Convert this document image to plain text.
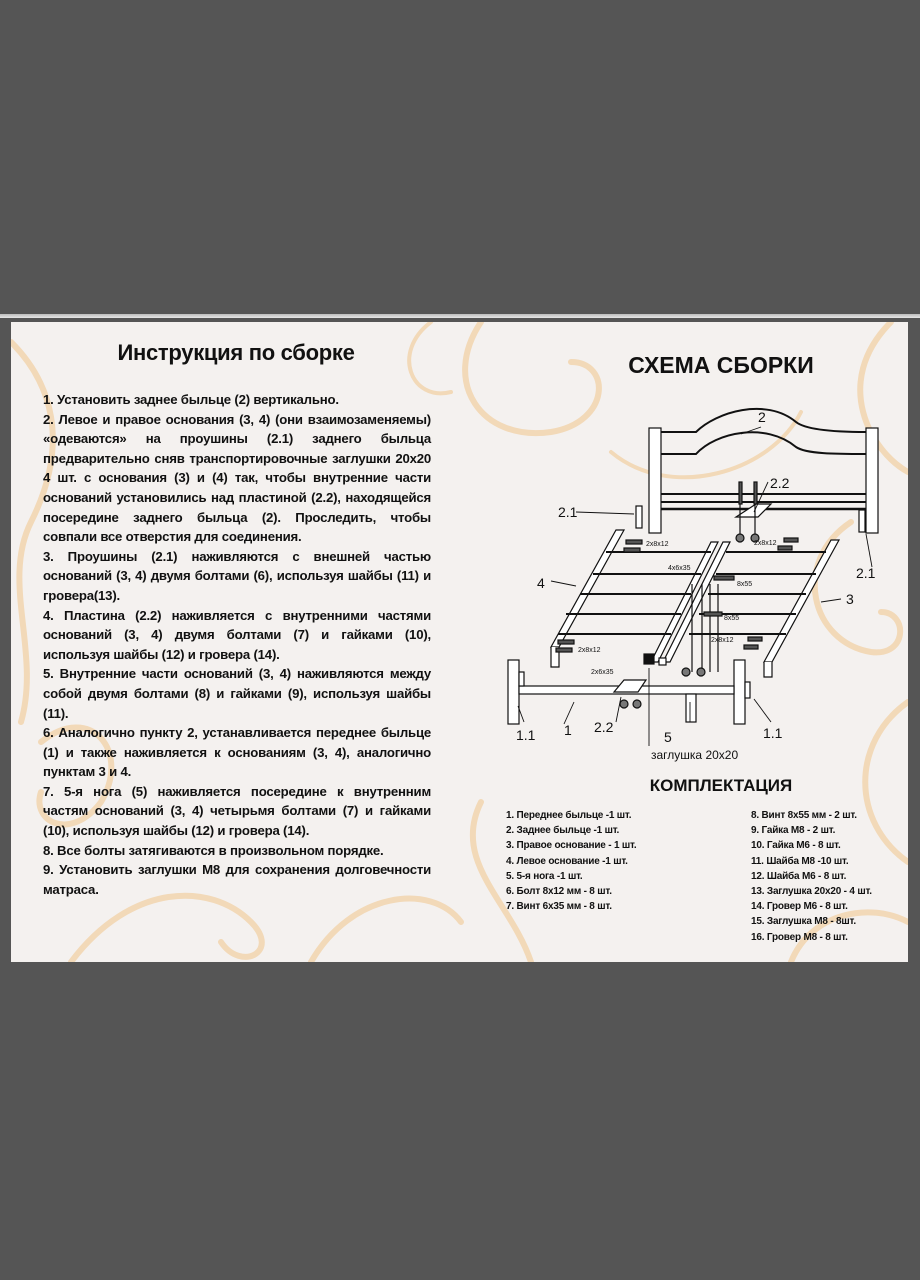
Инструкция по сборке

1. Установить заднее быльце (2) вертикально.

2. Левое и правое основания (3, 4) (они взаимозаменяемы) «одеваются» на проушины (2.1) заднего быльца предварительно сняв транспортировочные заглушки 20х20 4 шт. с основания (3) и (4) так, чтобы внутренние части оснований установились над пластиной (2.2), находящейся посередине заднего быльца (2). Проследить, чтобы совпали все отверстия для соединения.

3. Проушины (2.1) наживляются с внешней частью оснований (3, 4) двумя болтами (6), используя шайбы (11) и гровера(13).

4. Пластина (2.2) наживляется с внутренними частями оснований (3, 4) двумя болтами (7) и гайками (10), используя шайбы (12) и гровера (14).

5. Внутренние части оснований (3, 4) наживляются между собой двумя болтами (8) и гайками (9), используя шайбы (11).

6. Аналогично пункту 2, устанавливается переднее быльце (1) и также наживляется к основаниям (3, 4), аналогично пунктам 3 и 4.

7. 5-я нога (5) наживляется посередине к внутренним частям оснований (3, 4) четырьмя болтами (7) и гайками (10), используя шайбы (12) и гровера (14).

8. Все болты затягиваются в произвольном порядке.

9. Установить заглушки М8 для сохранения долговечности матраса.

СХЕМА СБОРКИ
2
2.2
2.1
2.1
4
3
1
1.1	1.1
2.2
5
заглушка 20x20
2x8x12	2x8x12
4x6x35
8x55
8x55
2x8x12
2x8x12
2x6x35
КОМПЛЕКТАЦИЯ
1. Переднее быльце -1 шт.
2. Заднее быльце -1 шт.
3. Правое основание - 1 шт.
4. Левое основание -1 шт.
5. 5-я нога -1 шт.
6. Болт 8х12 мм - 8 шт.
7. Винт 6х35 мм - 8 шт.
8. Винт 8х55 мм - 2 шт.
9. Гайка М8 - 2 шт.
10. Гайка М6 - 8 шт.
11. Шайба М8 -10 шт.
12. Шайба М6 - 8 шт.
13. Заглушка 20х20 - 4 шт.
14. Гровер М6 - 8 шт.
15. Заглушка М8 - 8шт.
16. Гровер М8 - 8 шт.
